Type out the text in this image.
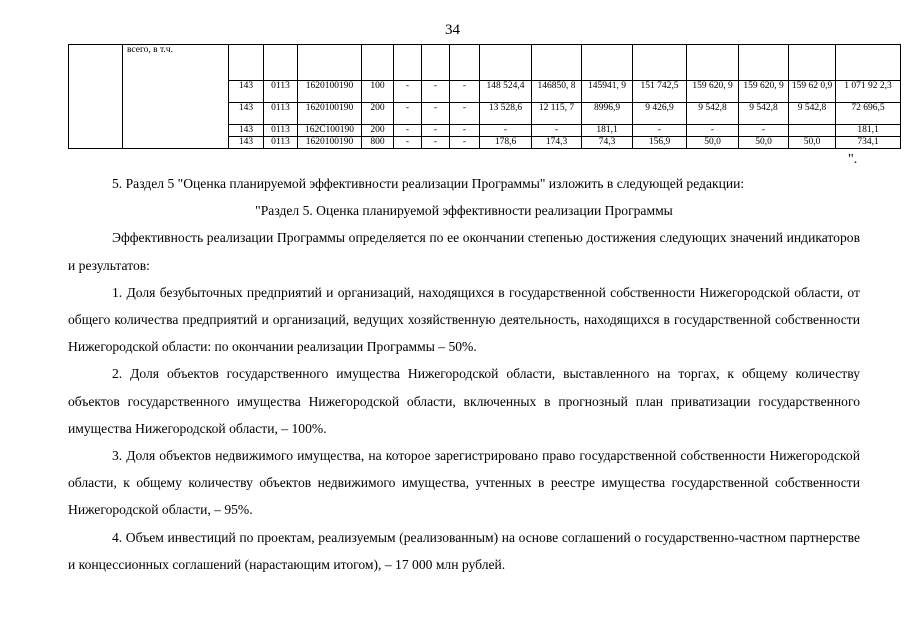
34
	всего, в т.ч.															
		143	0113	1620100190	100	-	-	-	148 524,4	146850, 8	145941, 9	151 742,5	159 620, 9	159 620, 9	159 62 0,9	1 071 92 2,3
		143	0113	1620100190	200	-	-	-	13 528,6	12 115, 7	8996,9	9 426,9	9 542,8	9 542,8	9 542,8	72 696,5
		143	0113	162С100190	200	-	-	-	-	-	181,1	-	-	-		181,1
		143	0113	1620100190	800	-	-	-	178,6	174,3	74,3	156,9	50,0	50,0	50,0	734,1
".

5. Раздел 5 "Оценка планируемой эффективности реализации Программы" изложить в следующей редакции:

"Раздел 5. Оценка планируемой эффективности реализации Программы

Эффективность реализации Программы определяется по ее окончании степенью достижения следующих значений индикаторов и результатов:

1. Доля безубыточных предприятий и организаций, находящихся в государственной собственности Нижегородской области, от общего количества предприятий и организаций, ведущих хозяйственную деятельность, находящихся в государственной собственности Нижегородской области: по окончании реализации Программы – 50%.

2. Доля объектов государственного имущества Нижегородской области, выставленного на торгах, к общему количеству объектов государственного имущества Нижегородской области, включенных в прогнозный план приватизации государственного имущества Нижегородской области, – 100%.

3. Доля объектов недвижимого имущества, на которое зарегистрировано право государственной собственности Нижегородской области, к общему количеству объектов недвижимого имущества, учтенных в реестре имущества государственной собственности Нижегородской области, – 95%.

4. Объем инвестиций по проектам, реализуемым (реализованным) на основе соглашений о государственно-частном партнерстве и концессионных соглашений (нарастающим итогом), – 17 000 млн рублей.
